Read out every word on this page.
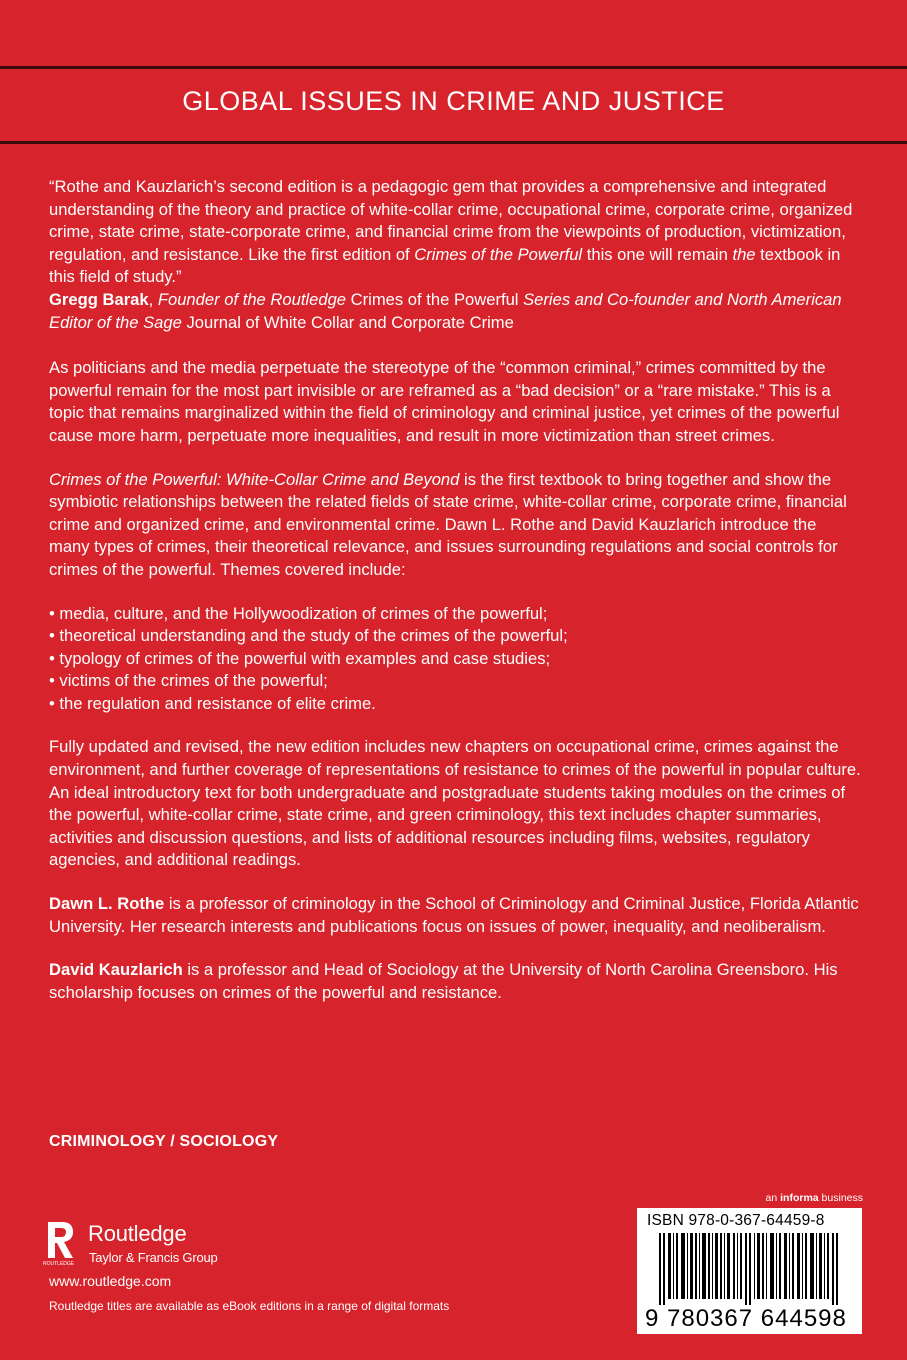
GLOBAL ISSUES IN CRIME AND JUSTICE

“Rothe and Kauzlarich’s second edition is a pedagogic gem that provides a comprehensive and integrated understanding of the theory and practice of white-collar crime, occupational crime, corporate crime, organized crime, state crime, state-corporate crime, and financial crime from the viewpoints of production, victimization, regulation, and resistance. Like the first edition of Crimes of the Powerful this one will remain the textbook in this field of study.”
Gregg Barak, Founder of the Routledge Crimes of the Powerful Series and Co-founder and North American Editor of the Sage Journal of White Collar and Corporate Crime

As politicians and the media perpetuate the stereotype of the “common criminal,” crimes committed by the powerful remain for the most part invisible or are reframed as a “bad decision” or a “rare mistake.” This is a topic that remains marginalized within the field of criminology and criminal justice, yet crimes of the powerful cause more harm, perpetuate more inequalities, and result in more victimization than street crimes.

Crimes of the Powerful: White-Collar Crime and Beyond is the first textbook to bring together and show the symbiotic relationships between the related fields of state crime, white-collar crime, corporate crime, financial crime and organized crime, and environmental crime. Dawn L. Rothe and David Kauzlarich introduce the many types of crimes, their theoretical relevance, and issues surrounding regulations and social controls for crimes of the powerful. Themes covered include:

• media, culture, and the Hollywoodization of crimes of the powerful;
• theoretical understanding and the study of the crimes of the powerful;
• typology of crimes of the powerful with examples and case studies;
• victims of the crimes of the powerful;
• the regulation and resistance of elite crime.

Fully updated and revised, the new edition includes new chapters on occupational crime, crimes against the environment, and further coverage of representations of resistance to crimes of the powerful in popular culture. An ideal introductory text for both undergraduate and postgraduate students taking modules on the crimes of the powerful, white-collar crime, state crime, and green criminology, this text includes chapter summaries, activities and discussion questions, and lists of additional resources including films, websites, regulatory agencies, and additional readings.

Dawn L. Rothe is a professor of criminology in the School of Criminology and Criminal Justice, Florida Atlantic University. Her research interests and publications focus on issues of power, inequality, and neoliberalism.

David Kauzlarich is a professor and Head of Sociology at the University of North Carolina Greensboro. His scholarship focuses on crimes of the powerful and resistance.

CRIMINOLOGY / SOCIOLOGY
ROUTLEDGE
Routledge
Taylor & Francis Group
www.routledge.com
Routledge titles are available as eBook editions in a range of digital formats
an informa business
ISBN 978-0-367-64459-8
9 780367 644598
